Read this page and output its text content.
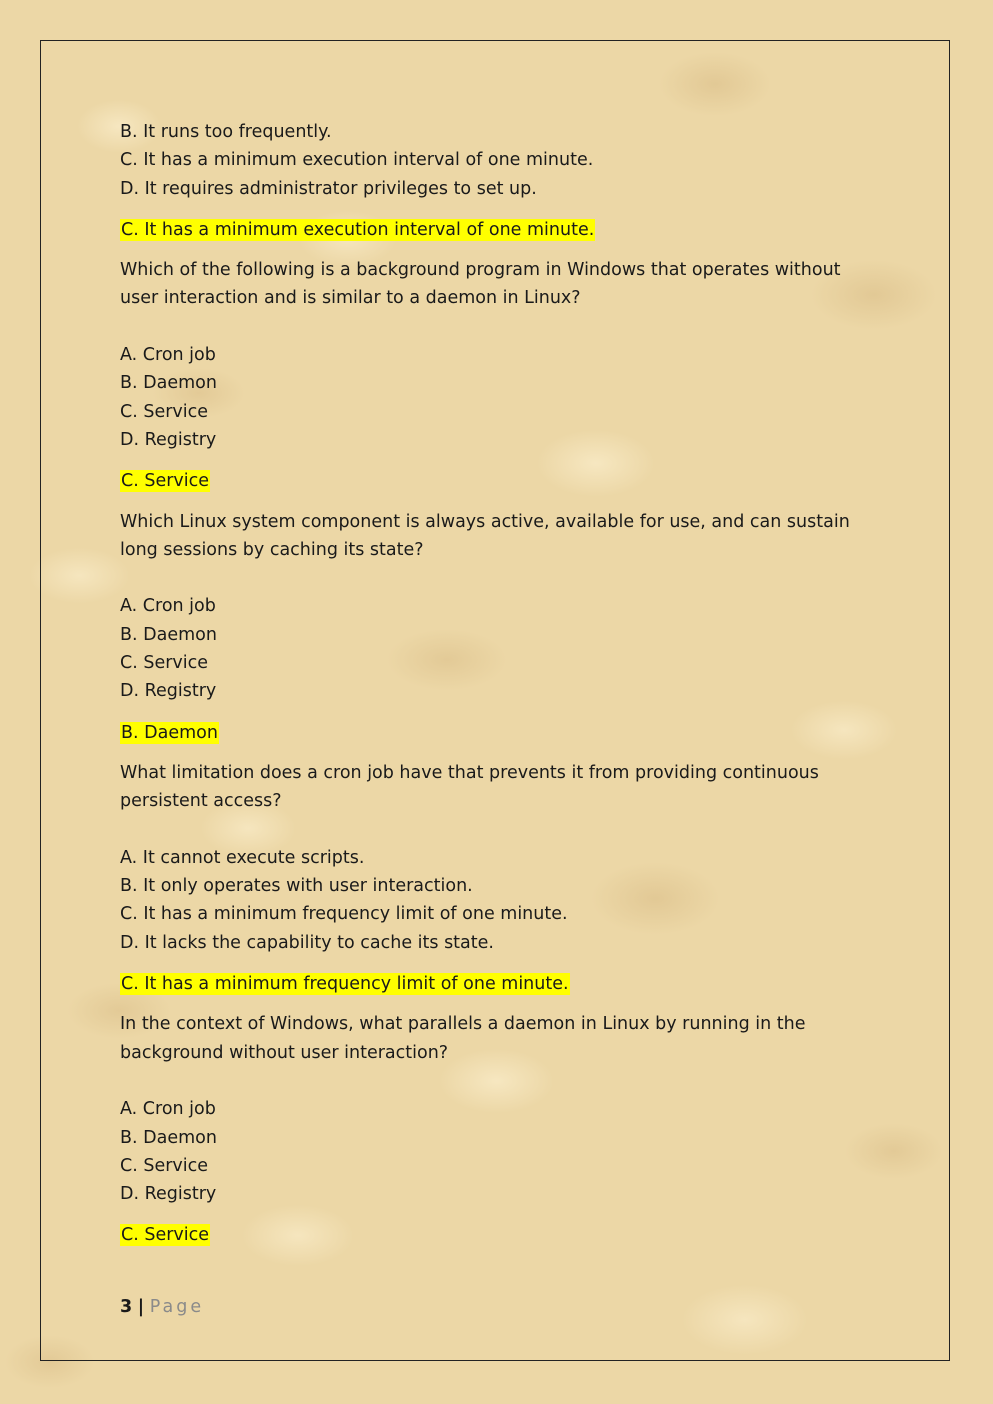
B. It runs too frequently.
C. It has a minimum execution interval of one minute.
D. It requires administrator privileges to set up.
C. It has a minimum execution interval of one minute.
Which of the following is a background program in Windows that operates without user interaction and is similar to a daemon in Linux?
A. Cron job
B. Daemon
C. Service
D. Registry
C. Service
Which Linux system component is always active, available for use, and can sustain long sessions by caching its state?
A. Cron job
B. Daemon
C. Service
D. Registry
B. Daemon
What limitation does a cron job have that prevents it from providing continuous persistent access?
A. It cannot execute scripts.
B. It only operates with user interaction.
C. It has a minimum frequency limit of one minute.
D. It lacks the capability to cache its state.
C. It has a minimum frequency limit of one minute.
In the context of Windows, what parallels a daemon in Linux by running in the background without user interaction?
A. Cron job
B. Daemon
C. Service
D. Registry
C. Service
3 | Page
